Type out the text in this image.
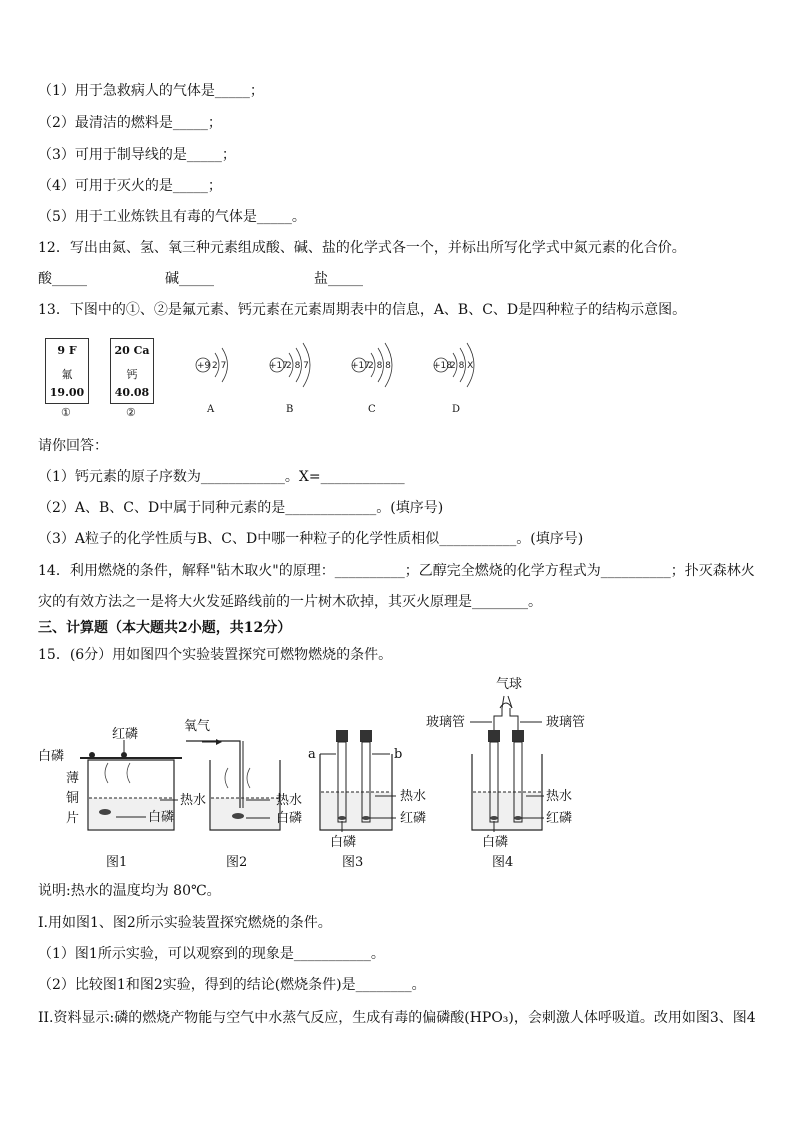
（1）用于急救病人的气体是_____；
（2）最清洁的燃料是_____；
（3）可用于制导线的是_____；
（4）可用于灭火的是_____；
（5）用于工业炼铁且有毒的气体是_____。
12．写出由氮、氢、氧三种元素组成酸、碱、盐的化学式各一个，并标出所写化学式中氮元素的化合价。
酸_____	碱_____	盐_____
13．下图中的①、②是氟元素、钙元素在元素周期表中的信息，A、B、C、D是四种粒子的结构示意图。
9 F
氟
19.00
①
20 Ca
钙
40.08
②
+9 2 7
A
+17
2 8 7
B
+17
2 8 8
C
+18
2 8 X
D
请你回答：
（1）钙元素的原子序数为____________。X=____________
（2）A、B、C、D中属于同种元素的是_____________。(填序号)
（3）A粒子的化学性质与B、C、D中哪一种粒子的化学性质相似___________。(填序号)
14．利用燃烧的条件，解释"钻木取火"的原理：__________；乙醇完全燃烧的化学方程式为__________；扑灭森林火
灾的有效方法之一是将大火发延路线前的一片树木砍掉，其灭火原理是________。
三、计算题（本大题共2小题，共12分）
15．(6分）用如图四个实验装置探究可燃物燃烧的条件。
红磷
白磷
薄
铜
片
热水
白磷
图1
氧气
热水
白磷
图2
a	b
热水
红磷
白磷
图3
气球
玻璃管	玻璃管
热水
红磷
白磷
图4
说明:热水的温度均为 80℃。
I.用如图1、图2所示实验装置探究燃烧的条件。
（1）图1所示实验，可以观察到的现象是___________。
（2）比较图1和图2实验，得到的结论(燃烧条件)是________。
II.资料显示:磷的燃烧产物能与空气中水蒸气反应，生成有毒的偏磷酸(HPO₃)，会刺激人体呼吸道。改用如图3、图4
